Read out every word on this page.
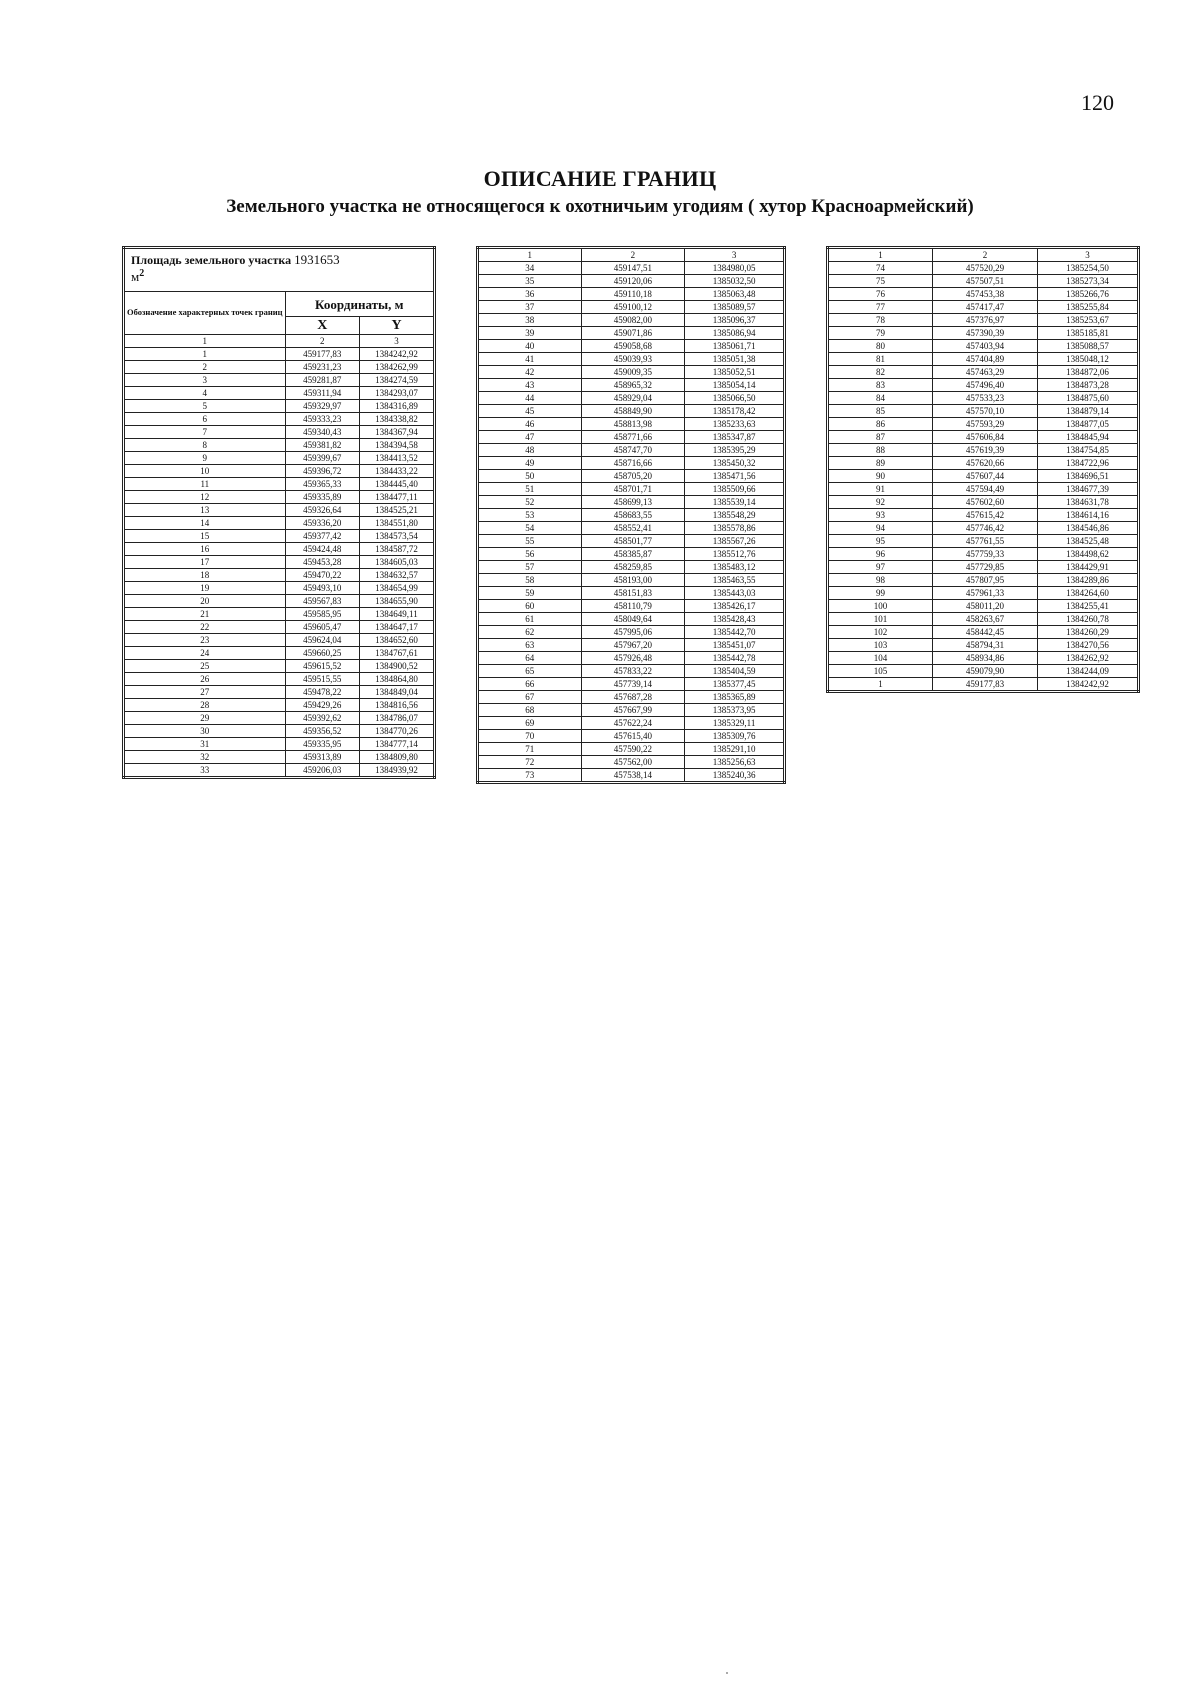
120
ОПИСАНИЕ ГРАНИЦ
Земельного участка не относящегося к охотничьим угодиям ( хутор Красноармейский)
Площадь земельного участка 1931653
$м^2$
Обозначение характерных точек границ	Координаты, м	
	X	Y
1	2	3
1	459177,83	1384242,92
2	459231,23	1384262,99
3	459281,87	1384274,59
4	459311,94	1384293,07
5	459329,97	1384316,89
6	459333,23	1384338,82
7	459340,43	1384367,94
8	459381,82	1384394,58
9	459399,67	1384413,52
10	459396,72	1384433,22
11	459365,33	1384445,40
12	459335,89	1384477,11
13	459326,64	1384525,21
14	459336,20	1384551,80
15	459377,42	1384573,54
16	459424,48	1384587,72
17	459453,28	1384605,03
18	459470,22	1384632,57
19	459493,10	1384654,99
20	459567,83	1384655,90
21	459585,95	1384649,11
22	459605,47	1384647,17
23	459624,04	1384652,60
24	459660,25	1384767,61
25	459615,52	1384900,52
26	459515,55	1384864,80
27	459478,22	1384849,04
28	459429,26	1384816,56
29	459392,62	1384786,07
30	459356,52	1384770,26
31	459335,95	1384777,14
32	459313,89	1384809,80
33	459206,03	1384939,92
1	2	3
34	459147,51	1384980,05
35	459120,06	1385032,50
36	459110,18	1385063,48
37	459100,12	1385089,57
38	459082,00	1385096,37
39	459071,86	1385086,94
40	459058,68	1385061,71
41	459039,93	1385051,38
42	459009,35	1385052,51
43	458965,32	1385054,14
44	458929,04	1385066,50
45	458849,90	1385178,42
46	458813,98	1385233,63
47	458771,66	1385347,87
48	458747,70	1385395,29
49	458716,66	1385450,32
50	458705,20	1385471,56
51	458701,71	1385509,66
52	458699,13	1385539,14
53	458683,55	1385548,29
54	458552,41	1385578,86
55	458501,77	1385567,26
56	458385,87	1385512,76
57	458259,85	1385483,12
58	458193,00	1385463,55
59	458151,83	1385443,03
60	458110,79	1385426,17
61	458049,64	1385428,43
62	457995,06	1385442,70
63	457967,20	1385451,07
64	457926,48	1385442,78
65	457833,22	1385404,59
66	457739,14	1385377,45
67	457687,28	1385365,89
68	457667,99	1385373,95
69	457622,24	1385329,11
70	457615,40	1385309,76
71	457590,22	1385291,10
72	457562,00	1385256,63
73	457538,14	1385240,36
1	2	3
74	457520,29	1385254,50
75	457507,51	1385273,34
76	457453,38	1385266,76
77	457417,47	1385255,84
78	457376,97	1385253,67
79	457390,39	1385185,81
80	457403,94	1385088,57
81	457404,89	1385048,12
82	457463,29	1384872,06
83	457496,40	1384873,28
84	457533,23	1384875,60
85	457570,10	1384879,14
86	457593,29	1384877,05
87	457606,84	1384845,94
88	457619,39	1384754,85
89	457620,66	1384722,96
90	457607,44	1384696,51
91	457594,49	1384677,39
92	457602,60	1384631,78
93	457615,42	1384614,16
94	457746,42	1384546,86
95	457761,55	1384525,48
96	457759,33	1384498,62
97	457729,85	1384429,91
98	457807,95	1384289,86
99	457961,33	1384264,60
100	458011,20	1384255,41
101	458263,67	1384260,78
102	458442,45	1384260,29
103	458794,31	1384270,56
104	458934,86	1384262,92
105	459079,90	1384244,09
1	459177,83	1384242,92
